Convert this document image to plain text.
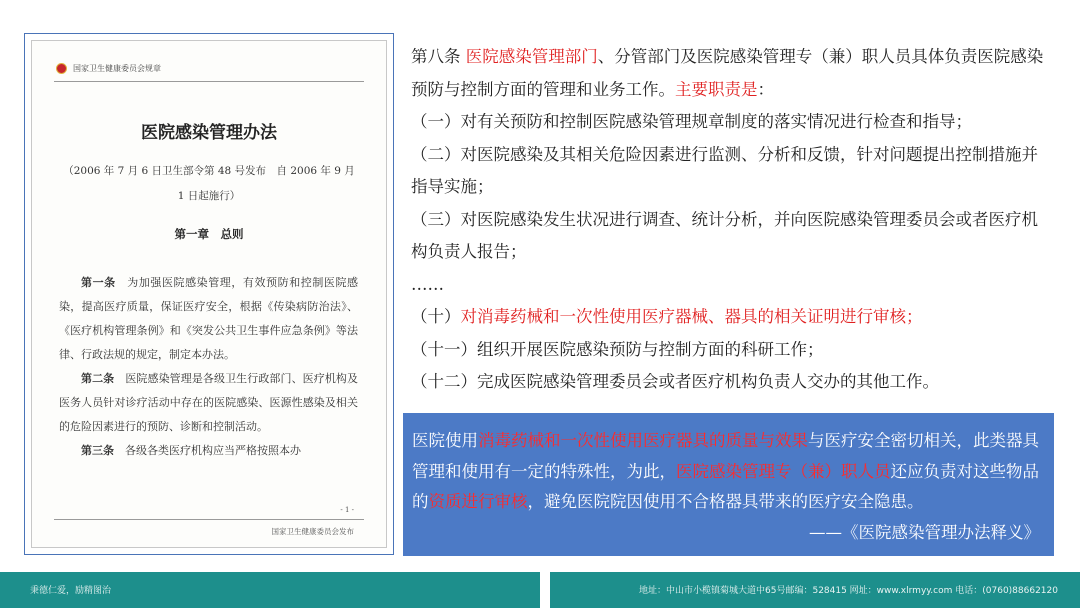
国家卫生健康委员会规章
医院感染管理办法
（2006 年 7 月 6 日卫生部令第 48 号发布　自 2006 年 9 月 1 日起施行）
第一章　总则

第一条　 为加强医院感染管理，有效预防和控制医院感染，提高医疗质量，保证医疗安全，根据《传染病防治法》、《医疗机构管理条例》和《突发公共卫生事件应急条例》等法律、行政法规的规定，制定本办法。

第二条　 医院感染管理是各级卫生行政部门、医疗机构及医务人员针对诊疗活动中存在的医院感染、医源性感染及相关的危险因素进行的预防、诊断和控制活动。

第三条　 各级各类医疗机构应当严格按照本办

- 1 -
国家卫生健康委员会发布
第八条 医院感染管理部门、分管部门及医院感染管理专（兼）职人员具体负责医院感染预防与控制方面的管理和业务工作。主要职责是：
（一）对有关预防和控制医院感染管理规章制度的落实情况进行检查和指导；
（二）对医院感染及其相关危险因素进行监测、分析和反馈，针对问题提出控制措施并指导实施；
（三）对医院感染发生状况进行调查、统计分析，并向医院感染管理委员会或者医疗机构负责人报告；
……
（十）对消毒药械和一次性使用医疗器械、器具的相关证明进行审核；
（十一）组织开展医院感染预防与控制方面的科研工作；
（十二）完成医院感染管理委员会或者医疗机构负责人交办的其他工作。
医院使用消毒药械和一次性使用医疗器具的质量与效果与医疗安全密切相关，此类器具管理和使用有一定的特殊性，为此，医院感染管理专（兼）职人员还应负责对这些物品的资质进行审核，避免医院院因使用不合格器具带来的医疗安全隐患。
——《医院感染管理办法释义》
秉德仁爱，励精图治	地址：中山市小榄镇菊城大道中65号邮编：528415 网址：www.xlrmyy.com 电话：(0760)88662120
